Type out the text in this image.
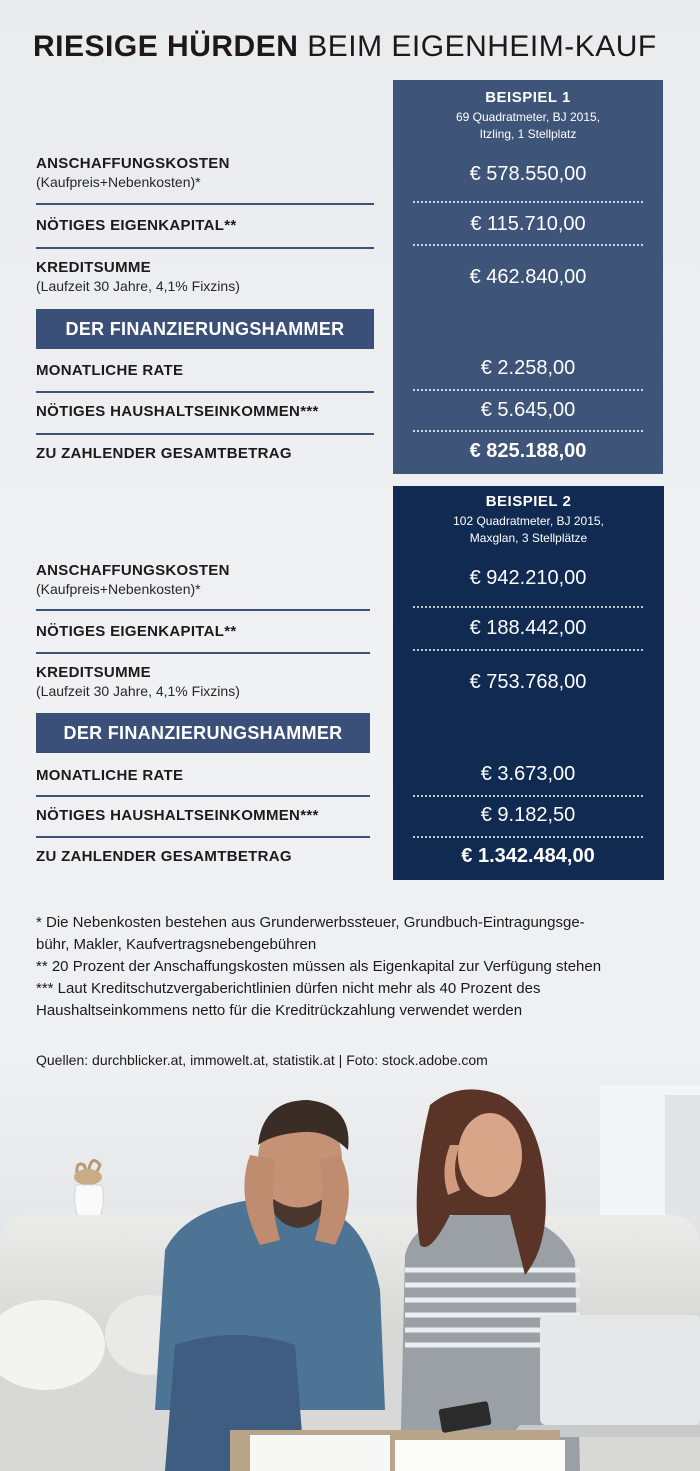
RIESIGE HÜRDEN BEIM EIGENHEIM-KAUF
ANSCHAFFUNGSKOSTEN
(Kaufpreis+Nebenkosten)*
NÖTIGES EIGENKAPITAL**
KREDITSUMME
(Laufzeit 30 Jahre, 4,1% Fixzins)
DER FINANZIERUNGSHAMMER
MONATLICHE RATE
NÖTIGES HAUSHALTSEINKOMMEN***
ZU ZAHLENDER GESAMTBETRAG
BEISPIEL 1
69 Quadratmeter, BJ 2015,
Itzling, 1 Stellplatz
€ 578.550,00
€ 115.710,00
€ 462.840,00
€ 2.258,00
€ 5.645,00
€ 825.188,00
ANSCHAFFUNGSKOSTEN
(Kaufpreis+Nebenkosten)*
NÖTIGES EIGENKAPITAL**
KREDITSUMME
(Laufzeit 30 Jahre, 4,1% Fixzins)
DER FINANZIERUNGSHAMMER
MONATLICHE RATE
NÖTIGES HAUSHALTSEINKOMMEN***
ZU ZAHLENDER GESAMTBETRAG
BEISPIEL 2
102 Quadratmeter, BJ 2015,
Maxglan, 3 Stellplätze
€ 942.210,00
€ 188.442,00
€ 753.768,00
€ 3.673,00
€ 9.182,50
€ 1.342.484,00

* Die Nebenkosten bestehen aus Grunderwerbssteuer, Grundbuch-Eintragungsge-

bühr, Makler, Kaufvertragsnebengebühren

** 20 Prozent der Anschaffungskosten müssen als Eigenkapital zur Verfügung stehen

*** Laut Kreditschutzvergaberichtlinien dürfen nicht mehr als 40 Prozent des

Haushaltseinkommens netto für die Kreditrückzahlung verwendet werden

Quellen: durchblicker.at, immowelt.at, statistik.at | Foto: stock.adobe.com
